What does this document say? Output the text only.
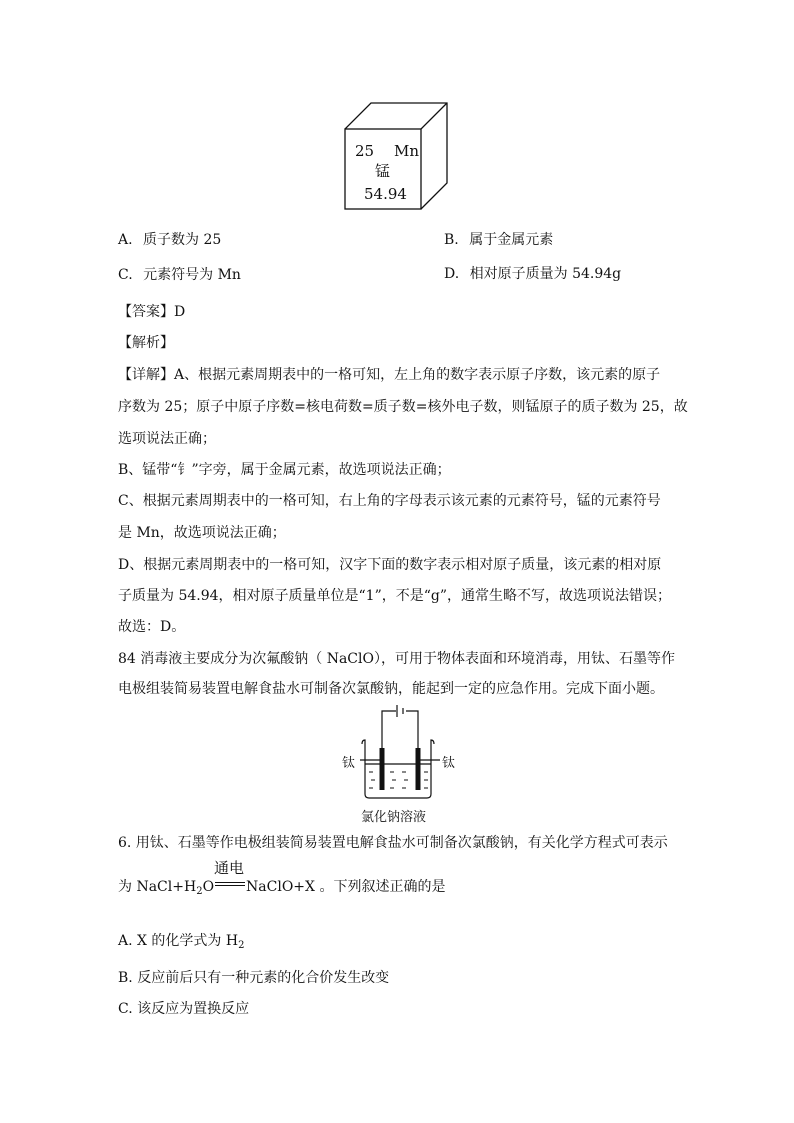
25 Mn
锰
54.94
A. 质子数为 25	B. 属于金属元素
C. 元素符号为 Mn	D. 相对原子质量为 54.94g
【答案】D
【解析】
【详解】A、根据元素周期表中的一格可知，左上角的数字表示原子序数，该元素的原子
序数为 25；原子中原子序数=核电荷数=质子数=核外电子数，则锰原子的质子数为 25，故
选项说法正确；
B、锰带“钅”字旁，属于金属元素，故选项说法正确；
C、根据元素周期表中的一格可知，右上角的字母表示该元素的元素符号，锰的元素符号
是 Mn，故选项说法正确；
D、根据元素周期表中的一格可知，汉字下面的数字表示相对原子质量，该元素的相对原
子质量为 54.94，相对原子质量单位是“1”，不是“g”，通常生略不写，故选项说法错误；
故选：D。
84 消毒液主要成分为次氟酸钠（ NaClO），可用于物体表面和环境消毒，用钛、石墨等作
电极组装简易装置电解食盐水可制备次氯酸钠，能起到一定的应急作用。完成下面小题。
钛	钛
氯化钠溶液
6. 用钛、石墨等作电极组装简易装置电解食盐水可制备次氯酸钠，有关化学方程式可表示
为 $NaCl+H_2O$
通电
NaClO+X 。下列叙述正确的是
A. X 的化学式为 $H_2$
B. 反应前后只有一种元素的化合价发生改变
C. 该反应为置换反应
